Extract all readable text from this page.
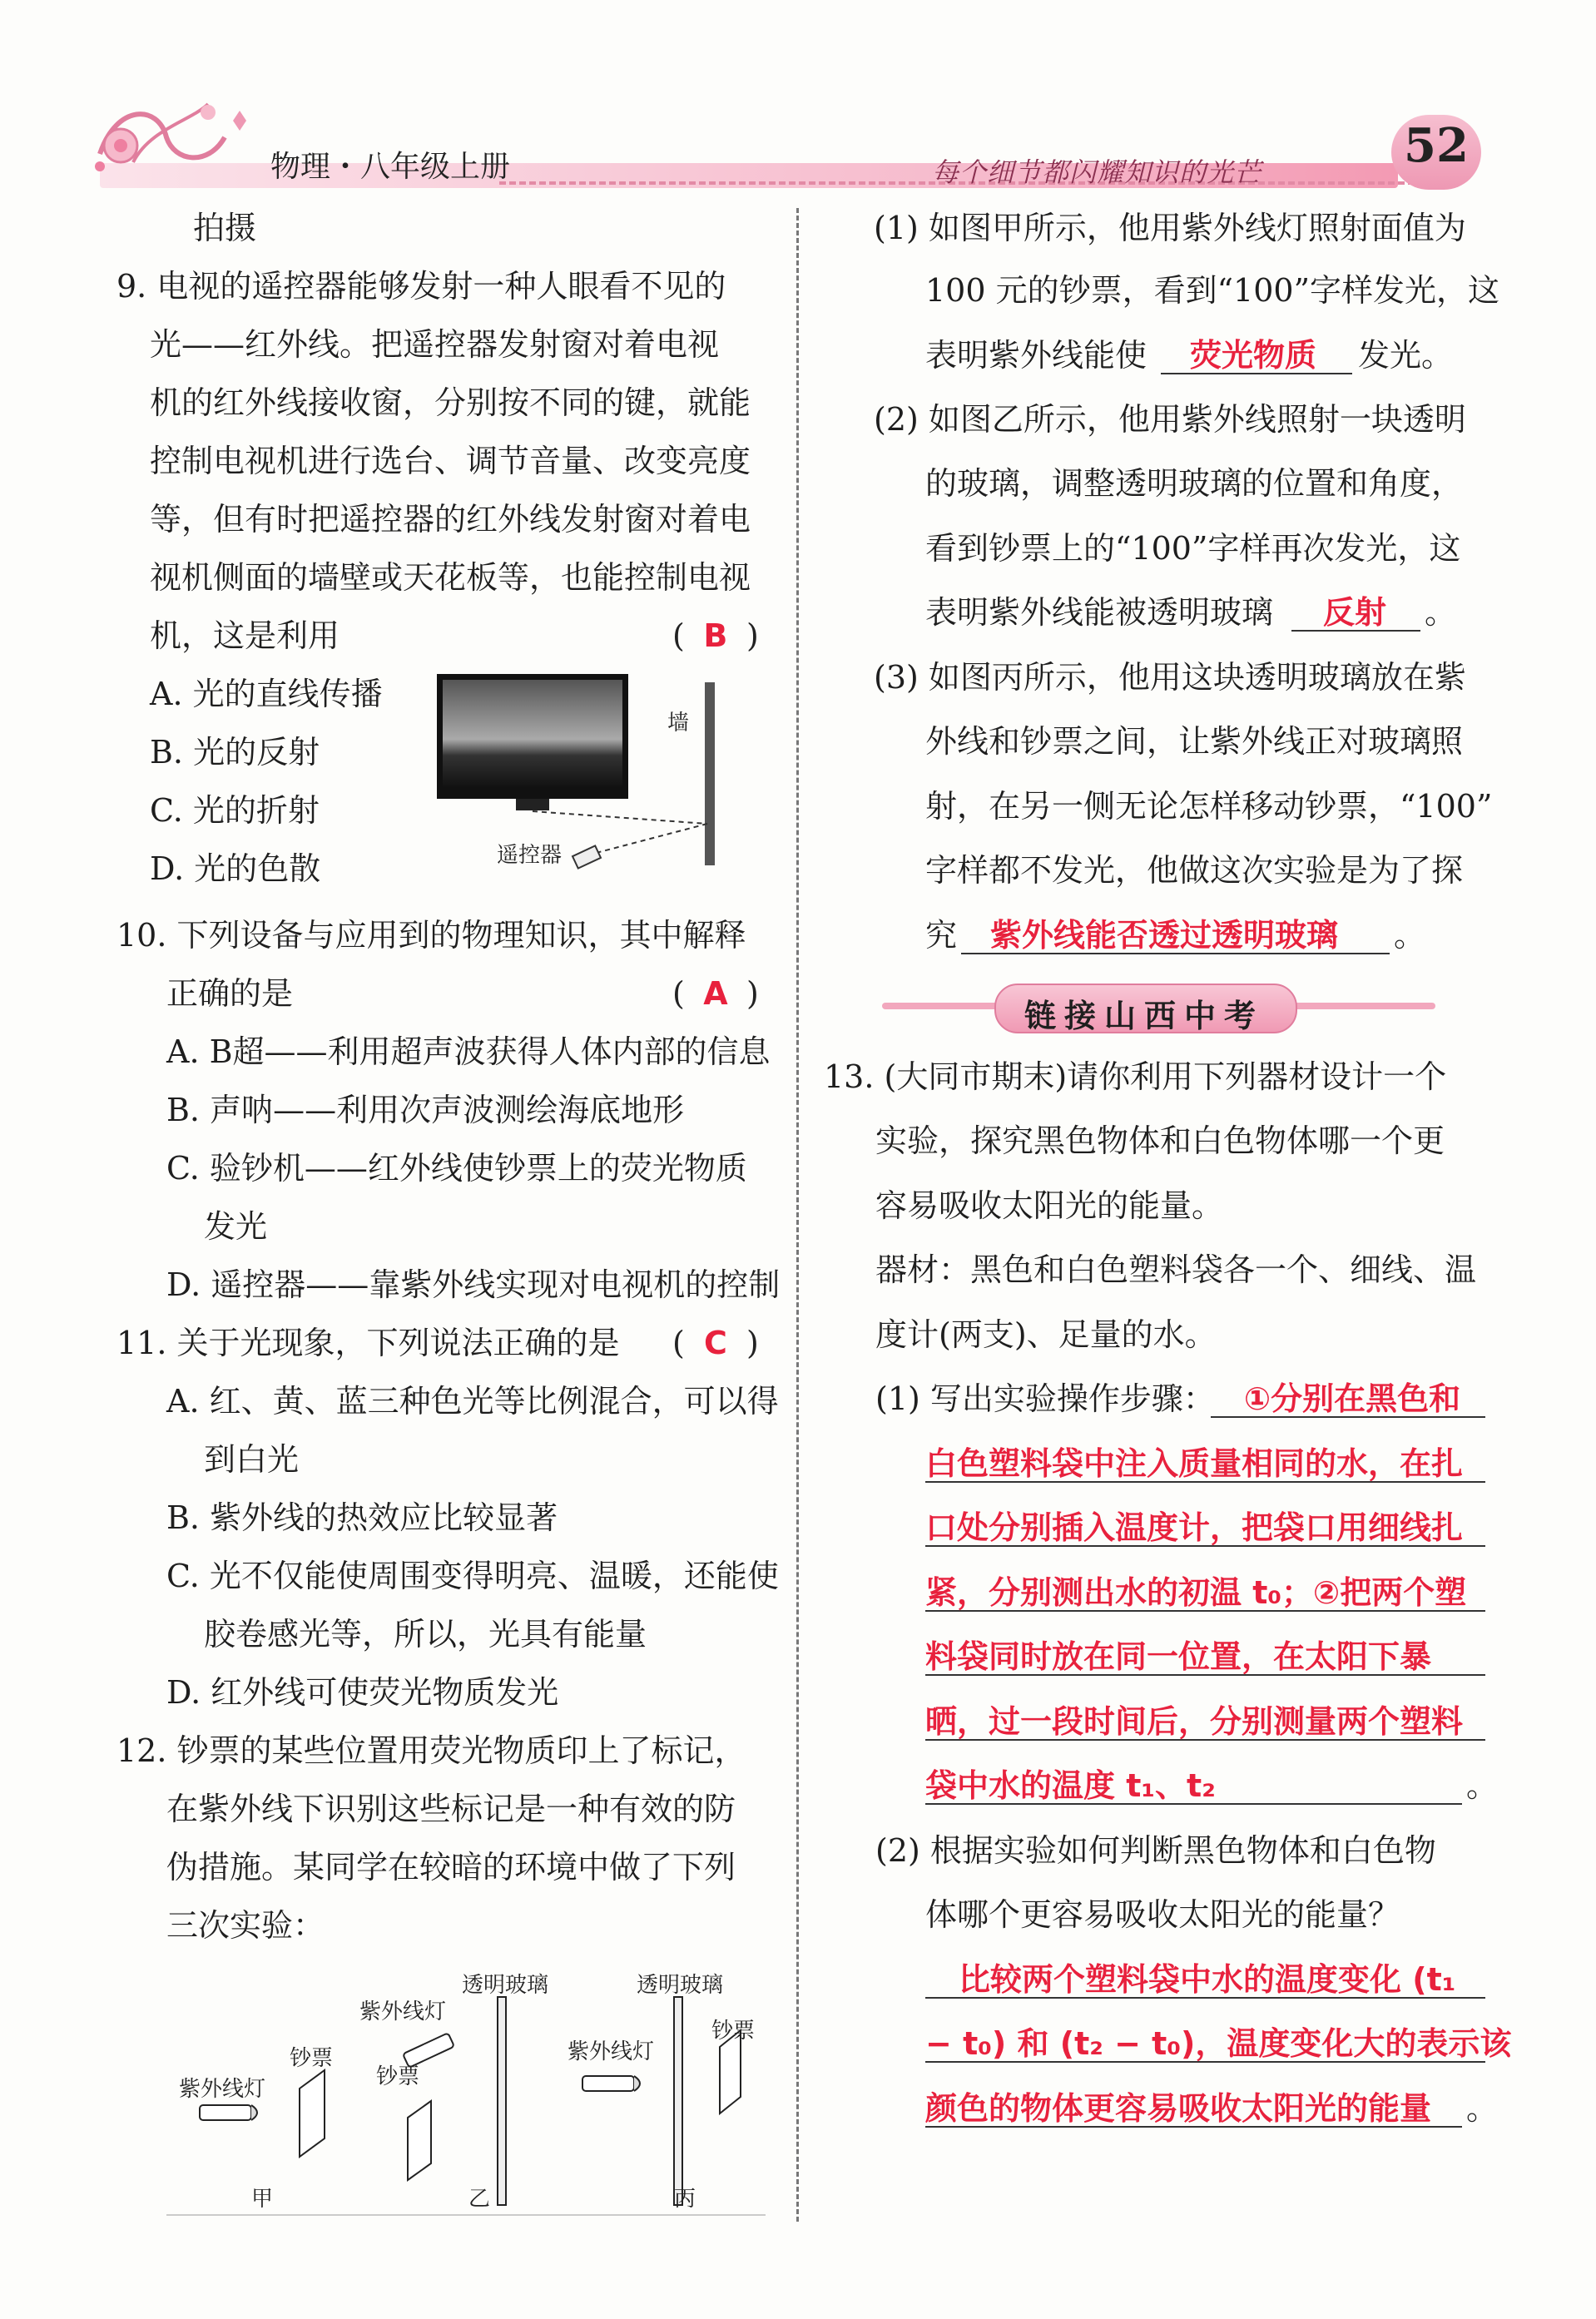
物理・八年级上册	每个细节都闪耀知识的光芒	52
拍摄
9. 电视的遥控器能够发射一种人眼看不见的
光——红外线。把遥控器发射窗对着电视
机的红外线接收窗，分别按不同的键，就能
控制电视机进行选台、调节音量、改变亮度
等，但有时把遥控器的红外线发射窗对着电
视机侧面的墙壁或天花板等，也能控制电视
机，这是利用	( B )
A. 光的直线传播
B. 光的反射
C. 光的折射
D. 光的色散
墙
遥控器
10. 下列设备与应用到的物理知识，其中解释
正确的是	( A )
A. B超——利用超声波获得人体内部的信息
B. 声呐——利用次声波测绘海底地形
C. 验钞机——红外线使钞票上的荧光物质
发光
D. 遥控器——靠紫外线实现对电视机的控制
11. 关于光现象，下列说法正确的是 ( C )
A. 红、黄、蓝三种色光等比例混合，可以得
到白光
B. 紫外线的热效应比较显著
C. 光不仅能使周围变得明亮、温暖，还能使
胶卷感光等，所以，光具有能量
D. 红外线可使荧光物质发光
12. 钞票的某些位置用荧光物质印上了标记，
在紫外线下识别这些标记是一种有效的防
伪措施。某同学在较暗的环境中做了下列
三次实验：
紫外线灯
钞票
紫外线灯
钞票
透明玻璃
紫外线灯
透明玻璃
钞票
甲	乙	丙
(1) 如图甲所示，他用紫外线灯照射面值为
100 元的钞票，看到“100”字样发光，这
表明紫外线能使 荧光物质 发光。
(2) 如图乙所示，他用紫外线照射一块透明
的玻璃，调整透明玻璃的位置和角度，
看到钞票上的“100”字样再次发光，这
表明紫外线能被透明玻璃 反射 。
(3) 如图丙所示，他用这块透明玻璃放在紫
外线和钞票之间，让紫外线正对玻璃照
射，在另一侧无论怎样移动钞票，“100”
字样都不发光，他做这次实验是为了探
究 紫外线能否透过透明玻璃 。
链接山西中考
13. (大同市期末)请你利用下列器材设计一个
实验，探究黑色物体和白色物体哪一个更
容易吸收太阳光的能量。
器材：黑色和白色塑料袋各一个、细线、温
度计(两支)、足量的水。
(1) 写出实验操作步骤： ①分别在黑色和
白色塑料袋中注入质量相同的水，在扎
口处分别插入温度计，把袋口用细线扎
紧，分别测出水的初温 t₀；②把两个塑
料袋同时放在同一位置，在太阳下暴
晒，过一段时间后，分别测量两个塑料
袋中水的温度 t₁、t₂	。
(2) 根据实验如何判断黑色物体和白色物
体哪个更容易吸收太阳光的能量？
比较两个塑料袋中水的温度变化 (t₁
− t₀) 和 (t₂ − t₀)，温度变化大的表示该
颜色的物体更容易吸收太阳光的能量 。
